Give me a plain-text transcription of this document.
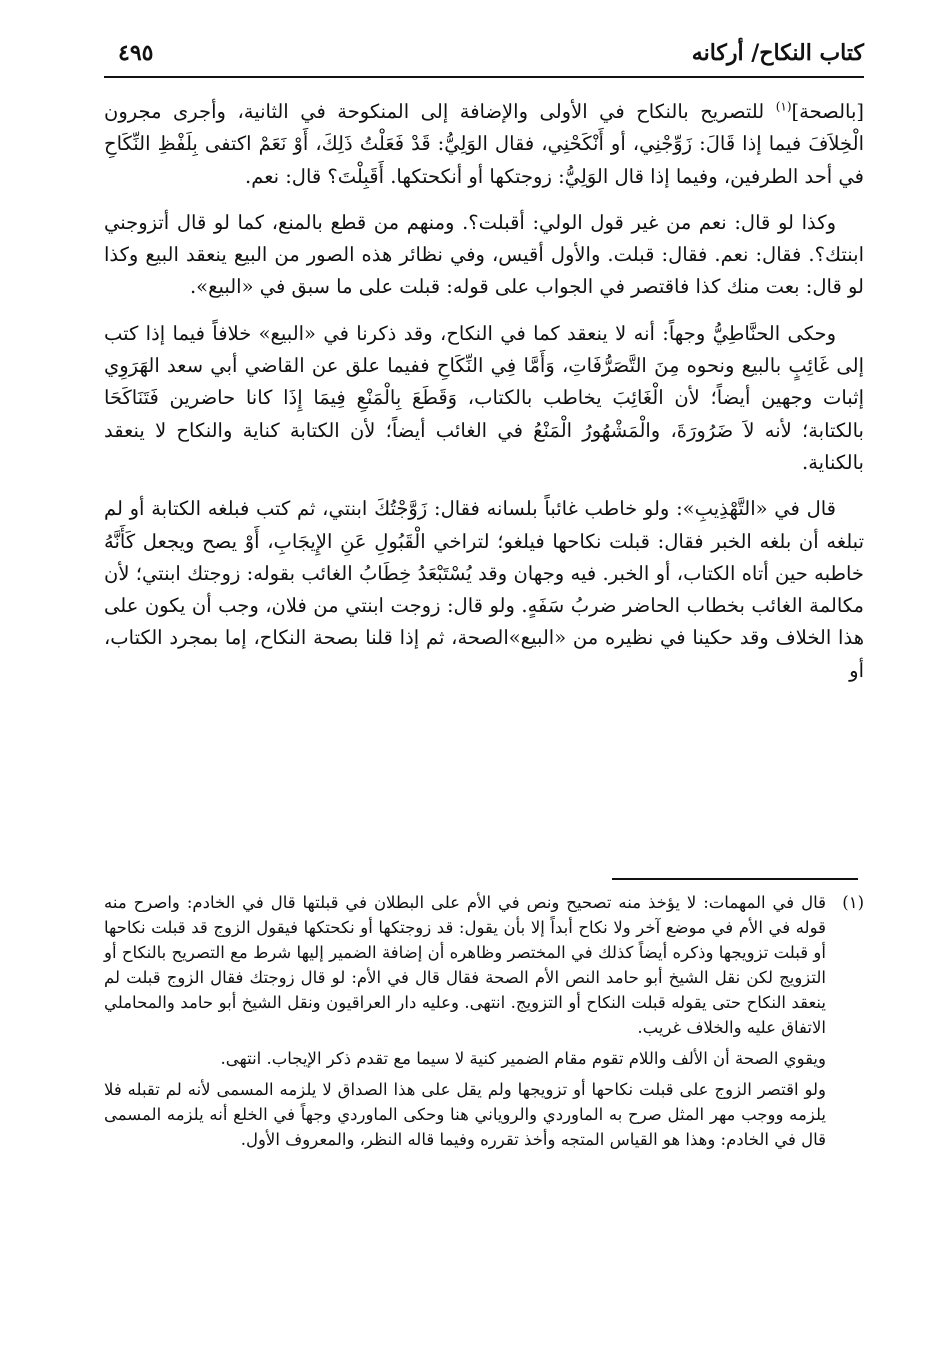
كتاب النكاح/ أركانه
٤٩٥

[بالصحة]$^{(١)}$ للتصريح بالنكاح في الأولى والإضافة إلى المنكوحة في الثانية، وأجرى مجرون الْخِلاَفَ فيما إذا قَالَ: زَوِّجْنِي، أو أَنْكَحْنِي، فقال الوَلِيُّ: قَدْ فَعَلْتُ ذَلِكَ، أَوْ نَعَمْ اكتفى بِلَفْظِ النِّكَاحِ في أحد الطرفين، وفيما إذا قال الوَلِيُّ: زوجتكها أو أنكحتكها. أَقَبِلْتَ؟ قال: نعم.

وكذا لو قال: نعم من غير قول الولي: أقبلت؟. ومنهم من قطع بالمنع، كما لو قال أتزوجني ابنتك؟. فقال: نعم. فقال: قبلت. والأول أقيس، وفي نظائر هذه الصور من البيع ينعقد البيع وكذا لو قال: بعت منك كذا فاقتصر في الجواب على قوله: قبلت على ما سبق في «البيع».

وحكى الحنَّاطِيُّ وجهاً: أنه لا ينعقد كما في النكاح، وقد ذكرنا في «البيع» خلافاً فيما إذا كتب إلى غَائِبٍ بالبيع ونحوه مِنَ التَّصَرُّفَاتِ، وَأَمَّا فِي النِّكَاحِ ففيما علق عن القاضي أبي سعد الهَرَوِي إثبات وجهين أيضاً؛ لأن الْغَائِبَ يخاطب بالكتاب، وَقَطَعَ بِالْمَنْعِ فِيمَا إِذَا كانا حاضرين فَتَنَاكَحَا بالكتابة؛ لأنه لاَ ضَرُورَةَ، والْمَشْهُورُ الْمَنْعُ في الغائب أيضاً؛ لأن الكتابة كناية والنكاح لا ينعقد بالكناية.

قال في «التَّهْذِيبِ»: ولو خاطب غائباً بلسانه فقال: زَوَّجْتُكَ ابنتي، ثم كتب فبلغه الكتابة أو لم تبلغه أن بلغه الخبر فقال: قبلت نكاحها فيلغو؛ لتراخي الْقَبُولِ عَنِ الإِيجَابِ، أَوْ يصح ويجعل كَأَنَّهُ خاطبه حين أتاه الكتاب، أو الخبر. فيه وجهان وقد يُسْتَبْعَدُ خِطَابُ الغائب بقوله: زوجتك ابنتي؛ لأن مكالمة الغائب بخطاب الحاضر ضربُ سَفَهٍ. ولو قال: زوجت ابنتي من فلان، وجب أن يكون على هذا الخلاف وقد حكينا في نظيره من «البيع»الصحة، ثم إذا قلنا بصحة النكاح، إما بمجرد الكتاب، أو

(١)

قال في المهمات: لا يؤخذ منه تصحيح ونص في الأم على البطلان في قبلتها قال في الخادم: واصرح منه قوله في الأم في موضع آخر ولا نكاح أبداً إلا بأن يقول: قد زوجتكها أو نكحتكها فيقول الزوج قد قبلت نكاحها أو قبلت تزويجها وذكره أيضاً كذلك في المختصر وظاهره أن إضافة الضمير إليها شرط مع التصريح بالنكاح أو التزويج لكن نقل الشيخ أبو حامد النص الأم الصحة فقال قال في الأم: لو قال زوجتك فقال الزوج قبلت لم ينعقد النكاح حتى يقوله قبلت النكاح أو التزويج. انتهى. وعليه دار العراقيون ونقل الشيخ أبو حامد والمحاملي الاتفاق عليه والخلاف غريب.

ويقوي الصحة أن الألف واللام تقوم مقام الضمير كنية لا سيما مع تقدم ذكر الإيجاب. انتهى.

ولو اقتصر الزوج على قبلت نكاحها أو تزويجها ولم يقل على هذا الصداق لا يلزمه المسمى لأنه لم تقبله فلا يلزمه ووجب مهر المثل صرح به الماوردي والروياني هنا وحكى الماوردي وجهاً في الخلع أنه يلزمه المسمى قال في الخادم: وهذا هو القياس المتجه وأخذ تقرره وفيما قاله النظر، والمعروف الأول.
